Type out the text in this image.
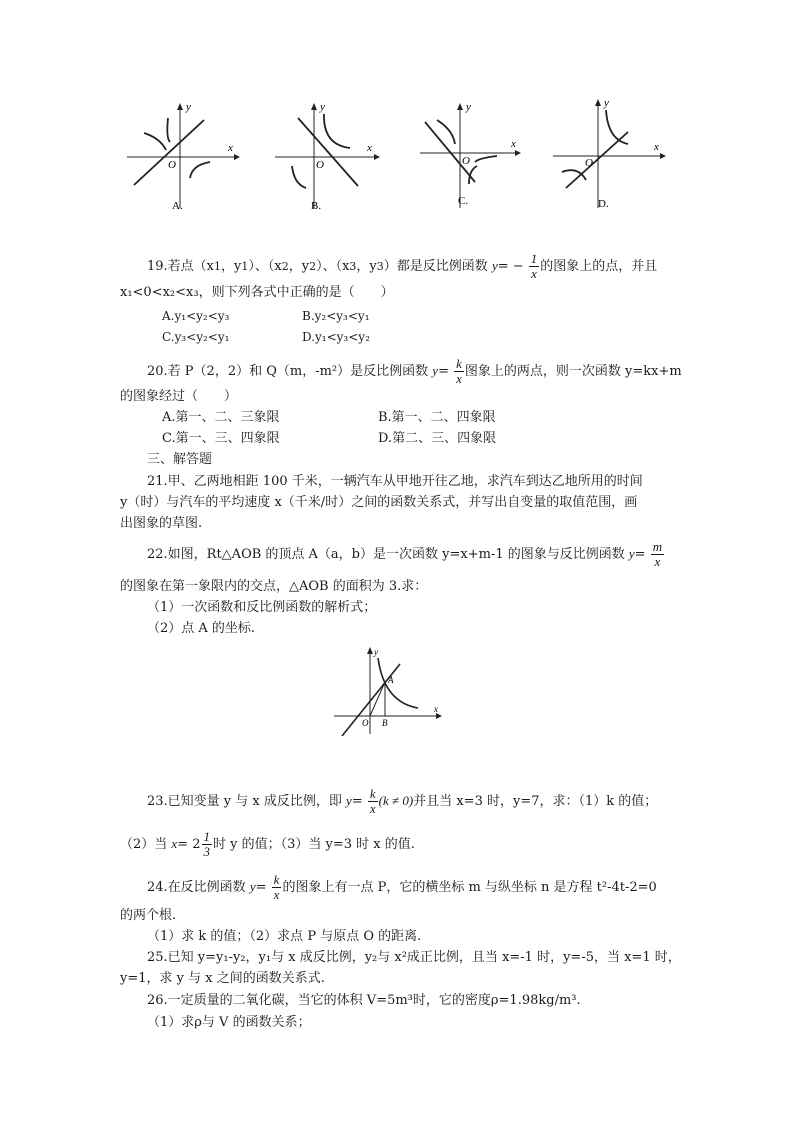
y
x
O
A.
y
x
O
B.
y
x
O
C.
y
x
O
D.
19.若点（x1，y1）、（x2，y2）、（x3，y3）都是反比例函数 $y= - \frac{1}{x}$ 的图象上的点，并且
x₁<0<x₂<x₃，则下列各式中正确的是（　　）
A.y₁<y₂<y₃	B.y₂<y₃<y₁
C.y₃<y₂<y₁	D.y₁<y₃<y₂
20.若 P（2，2）和 Q（m，-m²）是反比例函数 $y= \frac{k}{x}$ 图象上的两点，则一次函数 y=kx+m
的图象经过（　　）
A.第一、二、三象限	B.第一、二、四象限
C.第一、三、四象限	D.第二、三、四象限
三、解答题
21.甲、乙两地相距 100 千米，一辆汽车从甲地开往乙地，求汽车到达乙地所用的时间
y（时）与汽车的平均速度 x（千米/时）之间的函数关系式，并写出自变量的取值范围，画
出图象的草图.
22.如图，Rt△AOB 的顶点 A（a，b）是一次函数 y=x+m-1 的图象与反比例函数 $y= \frac{m}{x}$
的图象在第一象限内的交点，△AOB 的面积为 3.求：
（1）一次函数和反比例函数的解析式；
（2）点 A 的坐标.
y
x
O
A
B
23.已知变量 y 与 x 成反比例，即 $y= \frac{k}{x} (k \ne 0)$并且当 x=3 时，y=7，求：（1）k 的值；
（2）当 $x= 2 \frac{1}{3}$ 时 y 的值；（3）当 y=3 时 x 的值.
24.在反比例函数 $y= \frac{k}{x}$ 的图象上有一点 P，它的横坐标 m 与纵坐标 n 是方程 t²-4t-2=0
的两个根.
（1）求 k 的值；（2）求点 P 与原点 O 的距离.
25.已知 y=y₁-y₂，y₁与 x 成反比例，y₂与 x²成正比例，且当 x=-1 时，y=-5，当 x=1 时，
y=1，求 y 与 x 之间的函数关系式.
26.一定质量的二氧化碳，当它的体积 V=5m³时，它的密度ρ=1.98kg/m³.
（1）求ρ与 V 的函数关系；
